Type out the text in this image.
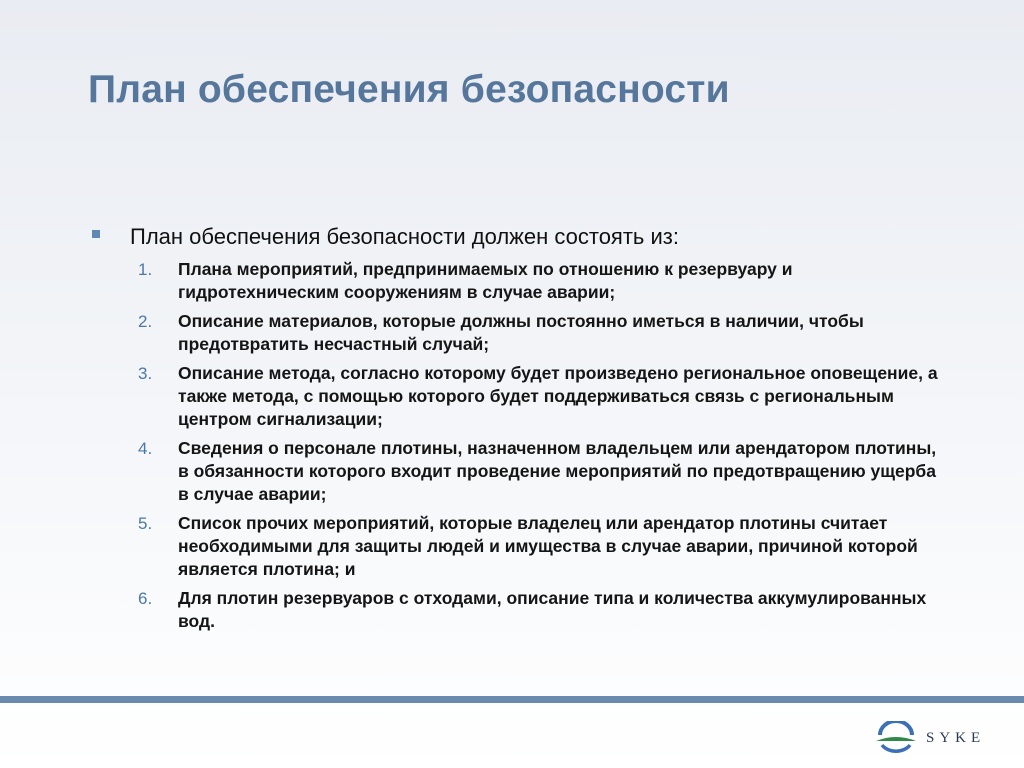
План обеспечения безопасности
План обеспечения безопасности должен состоять из:
1. Плана мероприятий, предпринимаемых по отношению к резервуару и гидротехническим сооружениям в случае аварии;
2. Описание материалов, которые должны постоянно иметься в наличии, чтобы предотвратить несчастный случай;
3. Описание метода, согласно которому будет произведено региональное оповещение, а также метода, с помощью которого будет поддерживаться связь с региональным центром сигнализации;
4. Сведения о персонале плотины, назначенном владельцем или арендатором плотины, в обязанности которого входит проведение мероприятий по предотвращению ущерба в случае аварии;
5. Список прочих мероприятий, которые владелец или арендатор плотины считает необходимыми для защиты людей и имущества в случае аварии, причиной которой является плотина; и
6. Для плотин резервуаров с отходами, описание типа и количества аккумулированных вод.
SYKE
